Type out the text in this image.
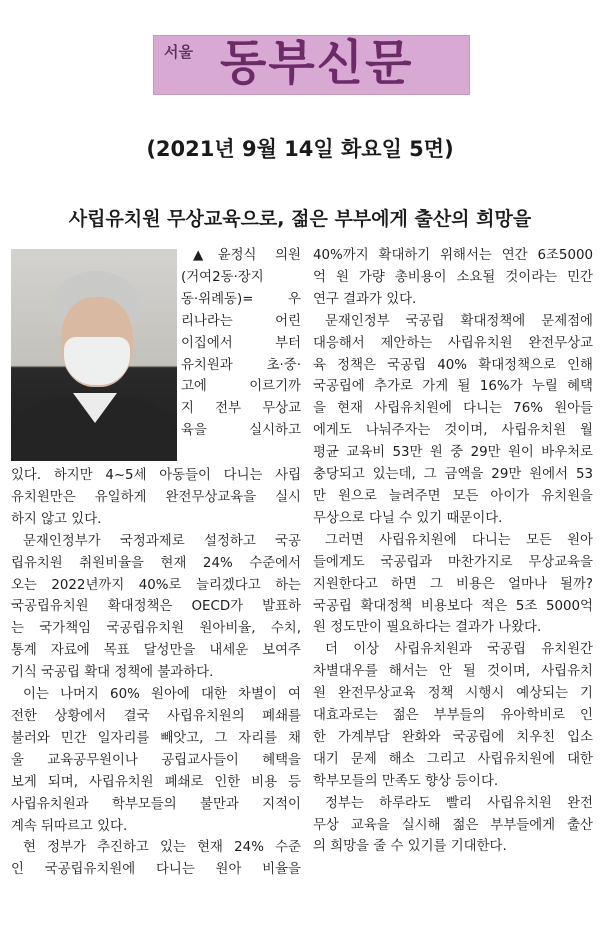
서울 동부신문
(2021년 9월 14일 화요일 5면)
사립유치원 무상교육으로, 젊은 부부에게 출산의 희망을
▲윤정식 의원
(거여2동·장지
동·위례동)= 우
리나라는 어린
이집에서 부터
유치원과 초·중·
고에 이르기까
지 전부 무상교
육을 실시하고
있다. 하지만 4~5세 아동들이 다니는 사립
유치원만은 유일하게 완전무상교육을 실시
하지 않고 있다.
문재인정부가 국정과제로 설정하고 국공
립유치원 취원비율을 현재 24% 수준에서
오는 2022년까지 40%로 늘리겠다고 하는
국공립유치원 확대정책은 OECD가 발표하
는 국가책임 국공립유치원 원아비율, 수치,
통계 자료에 목표 달성만을 내세운 보여주
기식 국공립 확대 정책에 불과하다.
이는 나머지 60% 원아에 대한 차별이 여
전한 상황에서 결국 사립유치원의 폐쇄를
불러와 민간 일자리를 빼앗고, 그 자리를 채
울 교육공무원이나 공립교사들이 혜택을
보게 되며, 사립유치원 폐쇄로 인한 비용 등
사립유치원과 학부모들의 불만과 지적이
계속 뒤따르고 있다.
현 정부가 추진하고 있는 현재 24% 수준
인 국공립유치원에 다니는 원아 비율을
40%까지 확대하기 위해서는 연간 6조5000
억 원 가량 총비용이 소요될 것이라는 민간
연구 결과가 있다.
문재인정부 국공립 확대정책에 문제점에
대응해서 제안하는 사립유치원 완전무상교
육 정책은 국공립 40% 확대정책으로 인해
국공립에 추가로 가게 될 16%가 누릴 혜택
을 현재 사립유치원에 다니는 76% 원아들
에게도 나눠주자는 것이며, 사립유치원 월
평균 교육비 53만 원 중 29만 원이 바우처로
충당되고 있는데, 그 금액을 29만 원에서 53
만 원으로 늘려주면 모든 아이가 유치원을
무상으로 다닐 수 있기 때문이다.
그러면 사립유치원에 다니는 모든 원아
들에게도 국공립과 마찬가지로 무상교육을
지원한다고 하면 그 비용은 얼마나 될까?
국공립 확대정책 비용보다 적은 5조 5000억
원 정도만이 필요하다는 결과가 나왔다.
더 이상 사립유치원과 국공립 유치원간
차별대우를 해서는 안 될 것이며, 사립유치
원 완전무상교육 정책 시행시 예상되는 기
대효과로는 젊은 부부들의 유아학비로 인
한 가계부담 완화와 국공립에 치우친 입소
대기 문제 해소 그리고 사립유치원에 대한
학부모들의 만족도 향상 등이다.
정부는 하루라도 빨리 사립유치원 완전
무상 교육을 실시해 젊은 부부들에게 출산
의 희망을 줄 수 있기를 기대한다.
